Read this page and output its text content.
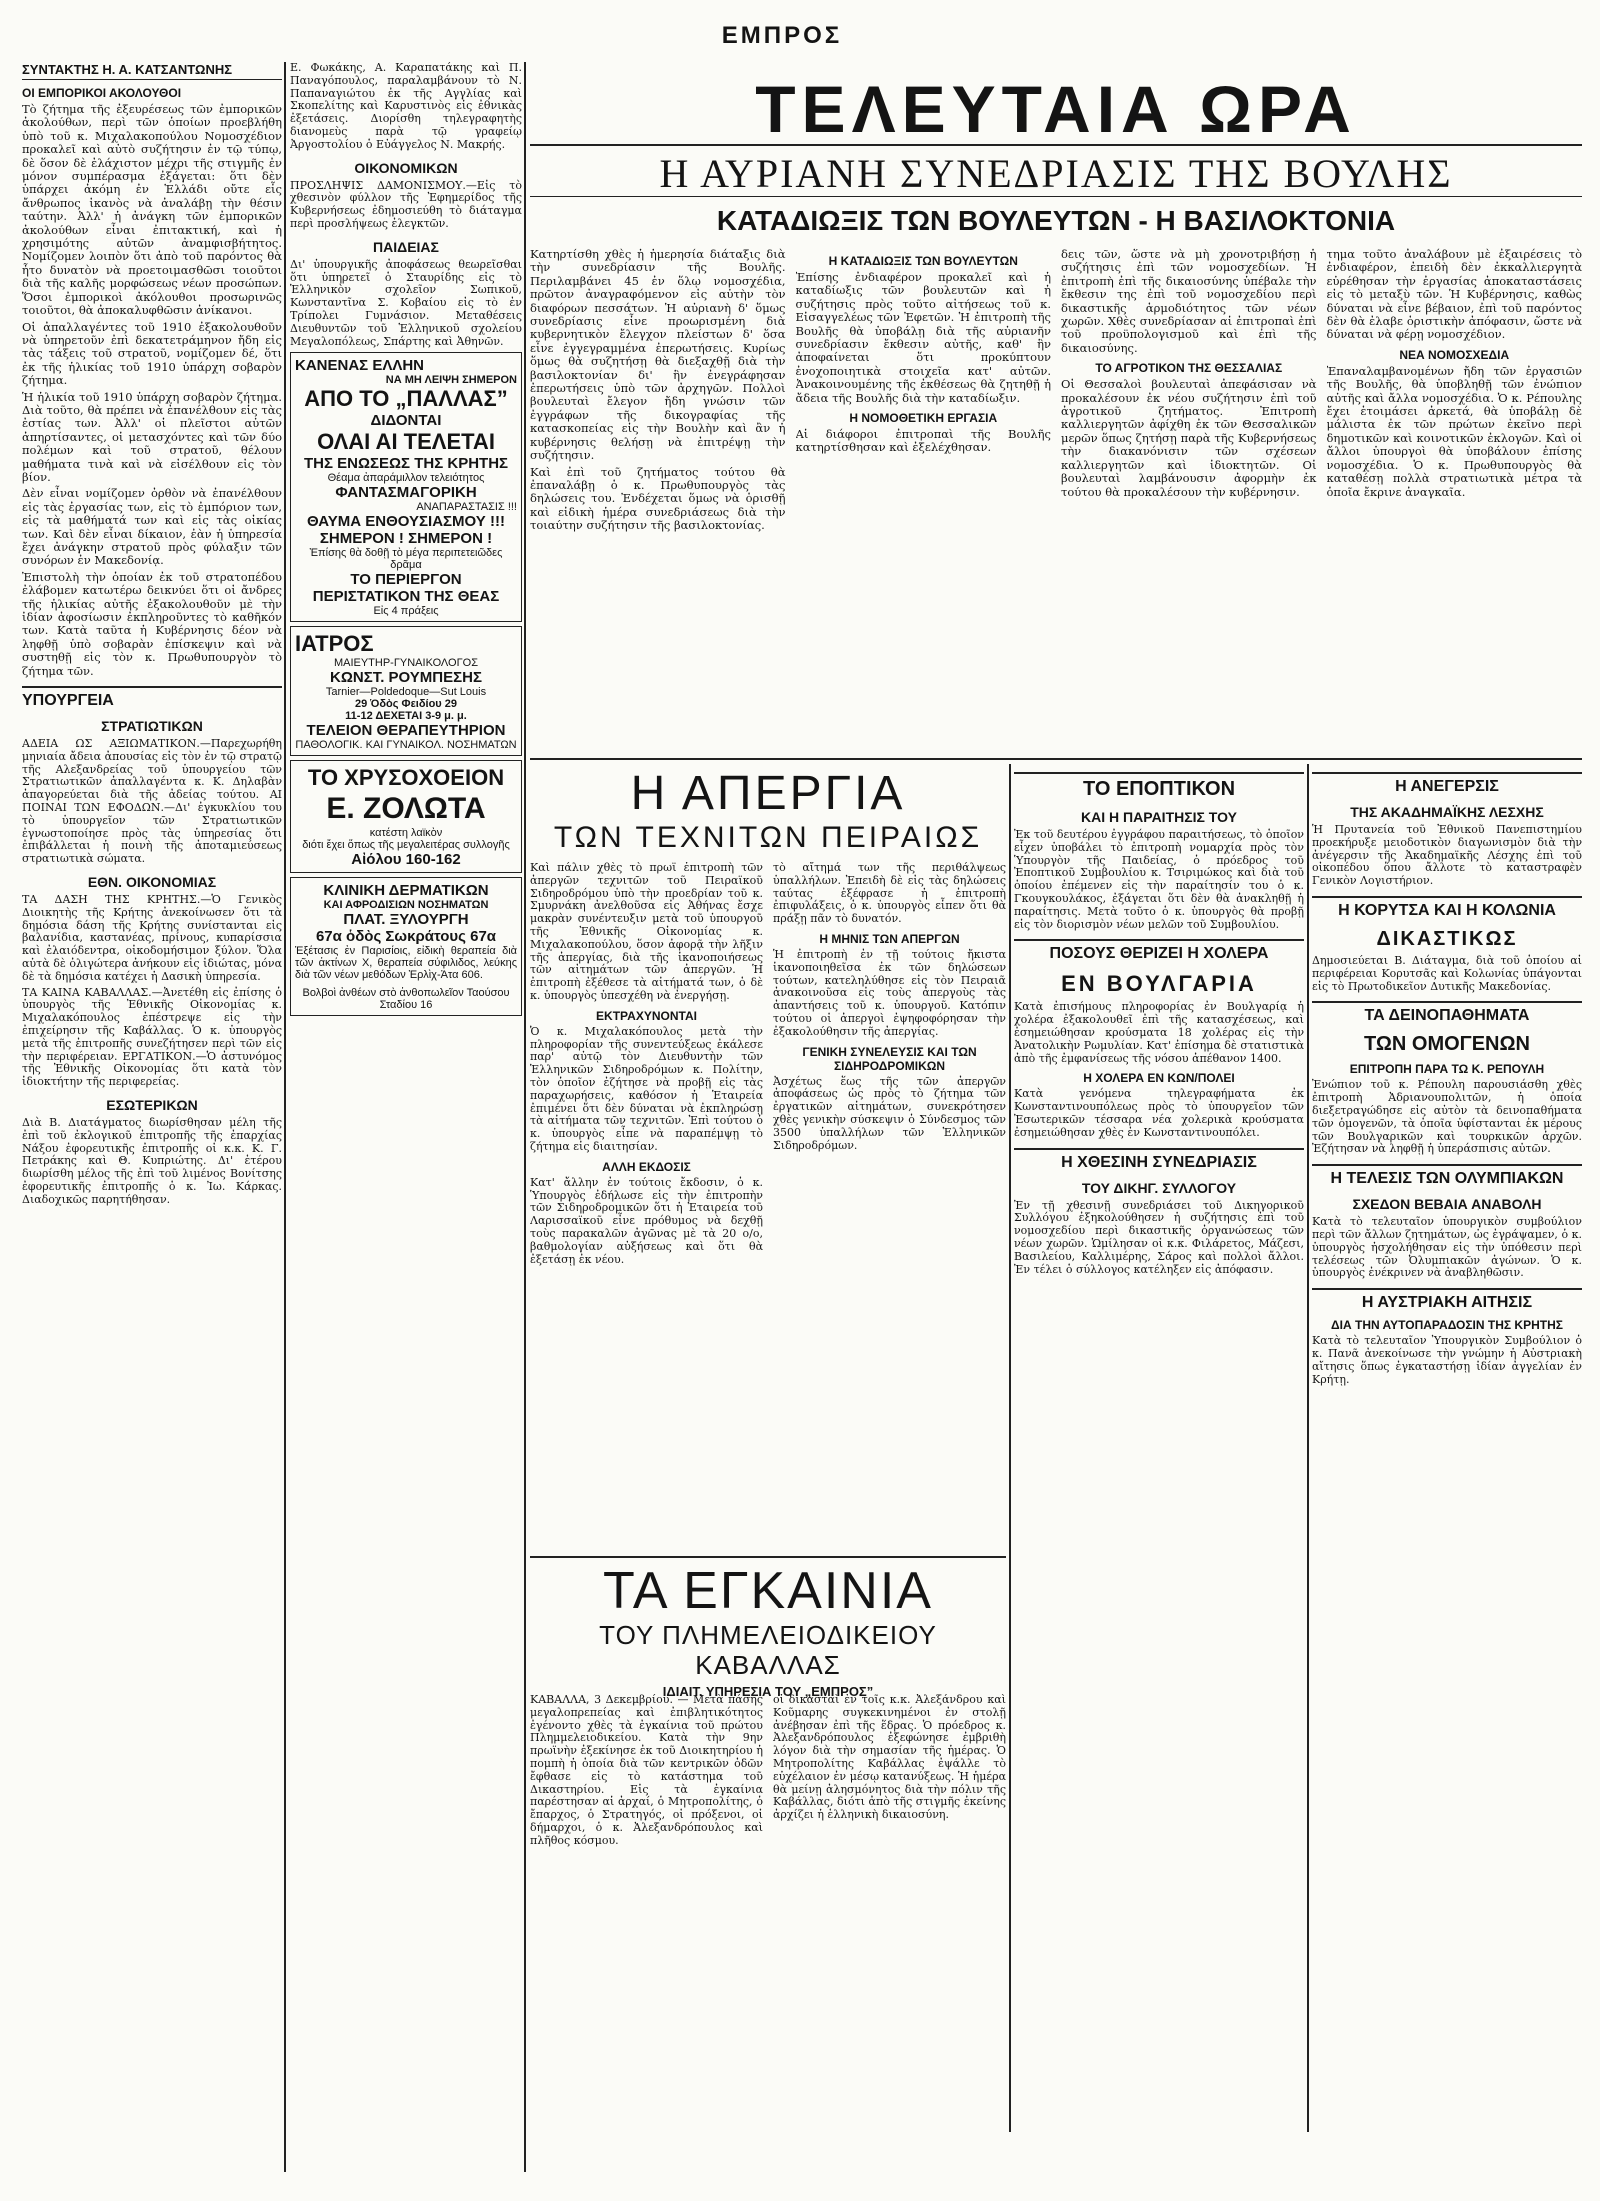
ΕΜΠΡΟΣ
ΣΥΝΤΑΚΤΗΣ Η. Α. ΚΑΤΣΑΝΤΩΝΗΣ
ΟΙ ΕΜΠΟΡΙΚΟΙ ΑΚΟΛΟΥΘΟΙ

Τὸ ζήτημα τῆς ἐξευρέσεως τῶν ἐμπορικῶν ἀκολούθων, περὶ τῶν ὁποίων προεβλήθη ὑπὸ τοῦ κ. Μιχαλακοπούλου Νομοσχέδιον προκαλεῖ καὶ αὐτὸ συζήτησιν ἐν τῷ τύπῳ, δὲ ὅσον δὲ ἐλάχιστον μέχρι τῆς στιγμῆς ἐν μόνον συμπέρασμα ἐξάγεται: ὅτι δὲν ὑπάρχει ἀκόμη ἐν Ἑλλάδι οὔτε εἷς ἄνθρωπος ἱκανὸς νὰ ἀναλάβῃ τὴν θέσιν ταύτην. Ἀλλ' ἡ ἀνάγκη τῶν ἐμπορικῶν ἀκολούθων εἶναι ἐπιτακτική, καὶ ἡ χρησιμότης αὐτῶν ἀναμφισβήτητος. Νομίζομεν λοιπὸν ὅτι ἀπὸ τοῦ παρόντος θὰ ἦτο δυνατὸν νὰ προετοιμασθῶσι τοιοῦτοι διὰ τῆς καλῆς μορφώσεως νέων προσώπων. Ὅσοι ἐμπορικοὶ ἀκόλουθοι προσωρινῶς τοιοῦτοι, θὰ ἀποκαλυφθῶσιν ἀνίκανοι.

Οἱ ἀπαλλαγέντες τοῦ 1910 ἐξακολουθοῦν νὰ ὑπηρετοῦν ἐπὶ δεκατετράμηνον ἤδη εἰς τὰς τάξεις τοῦ στρατοῦ, νομίζομεν δέ, ὅτι ἐκ τῆς ἡλικίας τοῦ 1910 ὑπάρχη σοβαρὸν ζήτημα.

Ἡ ἡλικία τοῦ 1910 ὑπάρχη σοβαρὸν ζήτημα. Διὰ τοῦτο, θὰ πρέπει νὰ ἐπανέλθουν εἰς τὰς ἐστίας των. Ἀλλ' οἱ πλεῖστοι αὐτῶν ἀπηρτίσαντες, οἱ μετασχόντες καὶ τῶν δύο πολέμων καὶ τοῦ στρατοῦ, θέλουν μαθήματα τινὰ καὶ νὰ εἰσέλθουν εἰς τὸν βίον.

Δὲν εἶναι νομίζομεν ὀρθὸν νὰ ἐπανέλθουν εἰς τὰς ἐργασίας των, εἰς τὸ ἐμπόριον των, εἰς τὰ μαθήματά των καὶ εἰς τὰς οἰκίας των. Καὶ δὲν εἶναι δίκαιον, ἐὰν ἡ ὑπηρεσία ἔχει ἀνάγκην στρατοῦ πρὸς φύλαξιν τῶν συνόρων ἐν Μακεδονίᾳ.

Ἐπιστολὴ τὴν ὁποίαν ἐκ τοῦ στρατοπέδου ἐλάβομεν κατωτέρω δεικνύει ὅτι οἱ ἄνδρες τῆς ἡλικίας αὐτῆς ἐξακολουθοῦν μὲ τὴν ἰδίαν ἀφοσίωσιν ἐκπληροῦντες τὸ καθῆκόν των. Κατὰ ταῦτα ἡ Κυβέρνησις δέον νὰ ληφθῇ ὑπὸ σοβαρὰν ἐπίσκεψιν καὶ νὰ συστηθῇ εἰς τὸν κ. Πρωθυπουργὸν τὸ ζήτημα τῶν.

ΥΠΟΥΡΓΕΙΑ
ΣΤΡΑΤΙΩΤΙΚΩΝ

ΑΔΕΙΑ ΩΣ ΑΞΙΩΜΑΤΙΚΟΝ.—Παρεχωρήθη μηνιαία ἄδεια ἀπουσίας εἰς τὸν ἐν τῷ στρατῷ τῆς Αλεξανδρείας τοῦ ὑπουργείου τῶν Στρατιωτικῶν ἀπαλλαγέντα κ. Κ. Δηλαβὰν ἀπαγορεύεται διὰ τῆς ἀδείας τούτου. ΑΙ ΠΟΙΝΑΙ ΤΩΝ ΕΦΟΔΩΝ.—Δι' ἐγκυκλίου του τὸ ὑπουργεῖον τῶν Στρατιωτικῶν ἐγνωστοποίησε πρὸς τὰς ὑπηρεσίας ὅτι ἐπιβάλλεται ἡ ποινὴ τῆς ἀποταμιεύσεως στρατιωτικὰ σώματα.

ΕΘΝ. ΟΙΚΟΝΟΜΙΑΣ

ΤΑ ΔΑΣΗ ΤΗΣ ΚΡΗΤΗΣ.—Ὁ Γενικὸς Διοικητὴς τῆς Κρήτης ἀνεκοίνωσεν ὅτι τὰ δημόσια δάση τῆς Κρήτης συνίστανται εἰς βαλανίδια, καστανέας, πρίνους, κυπαρίσσια καὶ ἐλαιόδεντρα, οἰκοδομήσιμον ξύλον. Ὅλα αὐτὰ δὲ ὀλιγώτερα ἀνήκουν εἰς ἰδιώτας, μόνα δὲ τὰ δημόσια κατέχει ἡ Δασικὴ ὑπηρεσία.

ΤΑ ΚΑΙΝΑ ΚΑΒΑΛΛΑΣ.—Ἀνετέθη εἰς ἐπίσης ὁ ὑπουργὸς τῆς Ἐθνικῆς Οἰκονομίας κ. Μιχαλακόπουλος ἐπέστρεψε εἰς τὴν ἐπιχείρησιν τῆς Καβάλλας. Ὁ κ. ὑπουργὸς μετὰ τῆς ἐπιτροπῆς συνεζήτησεν περὶ τῶν εἰς τὴν περιφέρειαν. ΕΡΓΑΤΙΚΟΝ.—Ὁ ἀστυνόμος τῆς Ἐθνικῆς Οἰκονομίας ὅτι κατὰ τὸν ἰδιοκτήτην τῆς περιφερείας.

ΕΣΩΤΕΡΙΚΩΝ

Διὰ Β. Διατάγματος διωρίσθησαν μέλη τῆς ἐπὶ τοῦ ἐκλογικοῦ ἐπιτροπῆς τῆς ἐπαρχίας Νάξου ἐφορευτικῆς ἐπιτροπῆς οἱ κ.κ. Κ. Γ. Πετράκης καὶ Θ. Κυπριώτης. Δι' ἑτέρου διωρίσθη μέλος τῆς ἐπὶ τοῦ λιμένος Βονίτσης ἐφορευτικῆς ἐπιτροπῆς ὁ κ. Ἰω. Κάρκας. Διαδοχικῶς παρητήθησαν.

Ε. Φωκάκης, Α. Καραπατάκης καὶ Π. Παναγόπουλος, παραλαμβάνουν τὸ Ν. Παπαναγιώτου ἐκ τῆς Αγγλίας καὶ Σκοπελίτης καὶ Καρυστινὸς εἰς ἐθνικὰς ἐξετάσεις. Διορίσθη τηλεγραφητὴς διανομεὺς παρὰ τῷ γραφείῳ Ἀργοστολίου ὁ Εὐάγγελος Ν. Μακρής.

ΟΙΚΟΝΟΜΙΚΩΝ

ΠΡΟΣΛΗΨΙΣ ΔΑΜΟΝΙΣΜΟΥ.—Εἰς τὸ χθεσινὸν φύλλον τῆς Ἐφημερίδος τῆς Κυβερνήσεως ἐδημοσιεύθη τὸ διάταγμα περὶ προσλήψεως ἐλεγκτῶν.

ΠΑΙΔΕΙΑΣ

Δι' ὑπουργικῆς ἀποφάσεως θεωρεῖσθαι ὅτι ὑπηρετεῖ ὁ Σταυρίδης εἰς τὸ Ἑλληνικὸν σχολεῖον Σωπικοῦ, Κωνσταντῖνα Σ. Κοβαίου εἰς τὸ ἐν Τρίπολει Γυμνάσιον. Μεταθέσεις Διευθυντῶν τοῦ Ἑλληνικοῦ σχολείου Μεγαλοπόλεως, Σπάρτης καὶ Ἀθηνῶν.

ΚΑΝΕΝΑΣ ΕΛΛΗΝ
ΝΑ ΜΗ ΛΕΙΨΗ ΣΗΜΕΡΟΝ
ΑΠΟ ΤΟ „ΠΑΛΛΑΣ”
ΔΙΔΟΝΤΑΙ
ΟΛΑΙ ΑΙ ΤΕΛΕΤΑΙ
ΤΗΣ ΕΝΩΣΕΩΣ ΤΗΣ ΚΡΗΤΗΣ
Θέαμα ἀπαράμιλλον τελειότητος
ΦΑΝΤΑΣΜΑΓΟΡΙΚΗ
ΑΝΑΠΑΡΑΣΤΑΣΙΣ !!!
ΘΑΥΜΑ ΕΝΘΟΥΣΙΑΣΜΟΥ !!!
ΣΗΜΕΡΟΝ ! ΣΗΜΕΡΟΝ !
Ἐπίσης θὰ δοθῇ τὸ μέγα περιπετειῶδες δρᾶμα
ΤΟ ΠΕΡΙΕΡΓΟΝ ΠΕΡΙΣΤΑΤΙΚΟΝ ΤΗΣ ΘΕΑΣ
Εἰς 4 πράξεις
ΙΑΤΡΟΣ
ΜΑΙΕΥΤΗΡ-ΓΥΝΑΙΚΟΛΟΓΟΣ
ΚΩΝΣΤ. ΡΟΥΜΠΕΣΗΣ
Tarnier—Poldedoque—Sut Louis
29 Ὁδὸς Φειδίου 29
11-12 ΔΕΧΕΤΑΙ 3-9 μ. μ.
ΤΕΛΕΙΟΝ ΘΕΡΑΠΕΥΤΗΡΙΟΝ
ΠΑΘΟΛΟΓΙΚ. ΚΑΙ ΓΥΝΑΙΚΟΛ. ΝΟΣΗΜΑΤΩΝ
ΤΟ ΧΡΥΣΟΧΟΕΙΟΝ
Ε. ΖΟΛΩΤΑ
κατέστη λαϊκὸν
διότι ἔχει ὅπως τῆς μεγαλειτέρας συλλογῆς
Αἰόλου 160-162
ΚΛΙΝΙΚΗ ΔΕΡΜΑΤΙΚΩΝ
ΚΑΙ ΑΦΡΟΔΙΣΙΩΝ ΝΟΣΗΜΑΤΩΝ
ΠΛΑΤ. ΞΥΛΟΥΡΓΗ
67α ὁδὸς Σωκράτους 67α
Ἐξέτασις ἐν Παρισίοις, εἰδικὴ θεραπεία διὰ τῶν ἀκτίνων Χ, θεραπεία σύφιλιδος, λεύκης διὰ τῶν νέων μεθόδων Ἐρλὶχ-Ἁτα 606.
Βολβοὶ ἀνθέων στὸ ἀνθοπωλεῖον Ταούσου Σταδίου 16
ΤΕΛΕΥΤΑΙΑ ΩΡΑ
Η ΑΥΡΙΑΝΗ ΣΥΝΕΔΡΙΑΣΙΣ ΤΗΣ ΒΟΥΛΗΣ
ΚΑΤΑΔΙΩΞΙΣ ΤΩΝ ΒΟΥΛΕΥΤΩΝ - Η ΒΑΣΙΛΟΚΤΟΝΙΑ

Κατηρτίσθη χθὲς ἡ ἡμερησία διάταξις διὰ τὴν συνεδρίασιν τῆς Βουλῆς. Περιλαμβάνει 45 ἐν ὅλῳ νομοσχέδια, πρῶτον ἀναγραφόμενον εἰς αὐτὴν τὸν διαφόρων πεσσάτων. Ἡ αὐριανὴ δ' ὅμως συνεδρίασις εἶνε προωρισμένη διὰ κυβερνητικὸν ἔλεγχον πλείστων δ' ὅσα εἶνε ἐγγεγραμμένα ἐπερωτήσεις. Κυρίως ὅμως θὰ συζητήσῃ θὰ διεξαχθῇ διὰ τὴν βασιλοκτονίαν δι' ἣν ἐνεγράφησαν ἐπερωτήσεις ὑπὸ τῶν ἀρχηγῶν. Πολλοὶ βουλευταὶ ἔλεγον ἤδη γνώσιν τῶν ἐγγράφων τῆς δικογραφίας τῆς κατασκοπείας εἰς τὴν Βουλὴν καὶ ἂν ἡ κυβέρνησις θελήσῃ νὰ ἐπιτρέψῃ τὴν συζήτησιν.

Καὶ ἐπὶ τοῦ ζητήματος τούτου θὰ ἐπαναλάβῃ ὁ κ. Πρωθυπουργὸς τὰς δηλώσεις του. Ἐνδέχεται ὅμως νὰ ὁρισθῇ καὶ εἰδικὴ ἡμέρα συνεδριάσεως διὰ τὴν τοιαύτην συζήτησιν τῆς βασιλοκτονίας.

Η ΚΑΤΑΔΙΩΞΙΣ ΤΩΝ ΒΟΥΛΕΥΤΩΝ

Ἐπίσης ἐνδιαφέρον προκαλεῖ καὶ ἡ καταδίωξις τῶν βουλευτῶν καὶ ἡ συζήτησις πρὸς τοῦτο αἰτήσεως τοῦ κ. Εἰσαγγελέως τῶν Ἐφετῶν. Ἡ ἐπιτροπὴ τῆς Βουλῆς θὰ ὑποβάλῃ διὰ τῆς αὐριανῆν συνεδρίασιν ἔκθεσιν αὐτῆς, καθ' ἣν ἀποφαίνεται ὅτι προκύπτουν ἐνοχοποιητικὰ στοιχεῖα κατ' αὐτῶν. Ἀνακοινουμένης τῆς ἐκθέσεως θὰ ζητηθῇ ἡ ἄδεια τῆς Βουλῆς διὰ τὴν καταδίωξιν.

Η ΝΟΜΟΘΕΤΙΚΗ ΕΡΓΑΣΙΑ

Αἱ διάφοροι ἐπιτροπαὶ τῆς Βουλῆς κατηρτίσθησαν καὶ ἐξελέχθησαν.

δεις τῶν, ὥστε νὰ μὴ χρονοτριβήσῃ ἡ συζήτησις ἐπὶ τῶν νομοσχεδίων. Ἡ ἐπιτροπὴ ἐπὶ τῆς δικαιοσύνης ὑπέβαλε τὴν ἔκθεσιν της ἐπὶ τοῦ νομοσχεδίου περὶ δικαστικῆς ἁρμοδιότητος τῶν νέων χωρῶν. Χθὲς συνεδρίασαν αἱ ἐπιτροπαὶ ἐπὶ τοῦ προϋπολογισμοῦ καὶ ἐπὶ τῆς δικαιοσύνης.

ΤΟ ΑΓΡΟΤΙΚΟΝ ΤΗΣ ΘΕΣΣΑΛΙΑΣ

Οἱ Θεσσαλοὶ βουλευταὶ ἀπεφάσισαν νὰ προκαλέσουν ἐκ νέου συζήτησιν ἐπὶ τοῦ ἀγροτικοῦ ζητήματος. Ἐπιτροπὴ καλλιεργητῶν ἀφίχθη ἐκ τῶν Θεσσαλικῶν μερῶν ὅπως ζητήσῃ παρὰ τῆς Κυβερνήσεως τὴν διακανόνισιν τῶν σχέσεων καλλιεργητῶν καὶ ἰδιοκτητῶν. Οἱ βουλευταὶ λαμβάνουσιν ἀφορμὴν ἐκ τούτου θὰ προκαλέσουν τὴν κυβέρνησιν.

τημα τοῦτο ἀναλάβουν μὲ ἐξαιρέσεις τὸ ἐνδιαφέρον, ἐπειδὴ δὲν ἐκκαλλιεργητὰ εὐρέθησαν τὴν ἐργασίας ἀποκαταστάσεις εἰς τὸ μεταξὺ τῶν. Ἡ Κυβέρνησις, καθὼς δύναται νὰ εἶνε βέβαιον, ἐπὶ τοῦ παρόντος δὲν θὰ ἐλαβε ὁριστικὴν ἀπόφασιν, ὥστε νὰ δύναται νὰ φέρῃ νομοσχέδιον.

ΝΕΑ ΝΟΜΟΣΧΕΔΙΑ

Ἐπαναλαμβανομένων ἤδη τῶν ἐργασιῶν τῆς Βουλῆς, θὰ ὑποβληθῇ τῶν ἐνώπιον αὐτῆς καὶ ἄλλα νομοσχέδια. Ὁ κ. Ρέπουλης ἔχει ἑτοιμάσει ἀρκετά, θὰ ὑποβάλῃ δὲ μάλιστα ἐκ τῶν πρώτων ἐκεῖνο περὶ δημοτικῶν καὶ κοινοτικῶν ἐκλογῶν. Καὶ οἱ ἄλλοι ὑπουργοὶ θὰ ὑποβάλουν ἐπίσης νομοσχέδια. Ὁ κ. Πρωθυπουργὸς θὰ καταθέσῃ πολλὰ στρατιωτικὰ μέτρα τὰ ὁποῖα ἔκρινε ἀναγκαῖα.

Η ΑΠΕΡΓΙΑ
ΤΩΝ ΤΕΧΝΙΤΩΝ ΠΕΙΡΑΙΩΣ

Καὶ πάλιν χθὲς τὸ πρωῒ ἐπιτροπὴ τῶν ἀπεργῶν τεχνιτῶν τοῦ Πειραϊκοῦ Σιδηροδρόμου ὑπὸ τὴν προεδρίαν τοῦ κ. Σμυρνάκη ἀνελθοῦσα εἰς Ἀθήνας ἔσχε μακρὰν συνέντευξιν μετὰ τοῦ ὑπουργοῦ τῆς Ἐθνικῆς Οἰκονομίας κ. Μιχαλακοπούλου, ὅσον ἀφορᾷ τὴν λῆξιν τῆς ἀπεργίας, διὰ τῆς ἱκανοποιήσεως τῶν αἰτημάτων τῶν ἀπεργῶν. Ἡ ἐπιτροπὴ ἐξέθεσε τὰ αἰτήματά των, ὁ δὲ κ. ὑπουργὸς ὑπεσχέθη νὰ ἐνεργήσῃ.

ΕΚΤΡΑΧΥΝΟΝΤΑΙ

Ὁ κ. Μιχαλακόπουλος μετὰ τὴν πληροφορίαν τῆς συνεντεύξεως ἐκάλεσε παρ' αὐτῷ τὸν Διευθυντὴν τῶν Ἑλληνικῶν Σιδηροδρόμων κ. Πολίτην, τὸν ὁποῖον ἐζήτησε νὰ προβῇ εἰς τὰς παραχωρήσεις, καθόσον ἡ Ἑταιρεία ἐπιμένει ὅτι δὲν δύναται νὰ ἐκπληρώσῃ τὰ αἰτήματα τῶν τεχνιτῶν. Ἐπὶ τούτου ὁ κ. ὑπουργὸς εἶπε νὰ παραπέμψῃ τὸ ζήτημα εἰς διαιτησίαν.

ΑΛΛΗ ΕΚΔΟΣΙΣ

Κατ' ἄλλην ἐν τούτοις ἔκδοσιν, ὁ κ. Ὑπουργὸς ἐδήλωσε εἰς τὴν ἐπιτροπὴν τῶν Σιδηροδρομικῶν ὅτι ἡ Ἑταιρεία τοῦ Λαρισσαϊκοῦ εἶνε πρόθυμος νὰ δεχθῇ τοὺς παρακαλῶν ἀγῶνας μὲ τὰ 20 ο/ο, βαθμολογίαν αὐξήσεως καὶ ὅτι θὰ ἐξετάσῃ ἐκ νέου.

τὸ αἴτημά των τῆς περιθάλψεως ὑπαλλήλων. Ἐπειδὴ δὲ εἰς τὰς δηλώσεις ταύτας ἐξέφρασε ἡ ἐπιτροπὴ ἐπιφυλάξεις, ὁ κ. ὑπουργὸς εἶπεν ὅτι θὰ πράξῃ πᾶν τὸ δυνατόν.

Η ΜΗΝΙΣ ΤΩΝ ΑΠΕΡΓΩΝ

Ἡ ἐπιτροπὴ ἐν τῇ τούτοις ἤκιστα ἱκανοποιηθεῖσα ἐκ τῶν δηλώσεων τούτων, κατεληλύθησε εἰς τὸν Πειραιᾶ ἀνακοινοῦσα εἰς τοὺς ἀπεργοὺς τὰς ἀπαντήσεις τοῦ κ. ὑπουργοῦ. Κατόπιν τούτου οἱ ἀπεργοὶ ἐψηφοφόρησαν τὴν ἐξακολούθησιν τῆς ἀπεργίας.

ΓΕΝΙΚΗ ΣΥΝΕΛΕΥΣΙΣ ΚΑΙ ΤΩΝ ΣΙΔΗΡΟΔΡΟΜΙΚΩΝ

Ἀσχέτως ἕως τῆς τῶν ἀπεργῶν ἀποφάσεως ὡς πρὸς τὸ ζήτημα τῶν ἐργατικῶν αἰτημάτων, συνεκρότησεν χθὲς γενικὴν σύσκεψιν ὁ Σύνδεσμος τῶν 3500 ὑπαλλήλων τῶν Ἑλληνικῶν Σιδηροδρόμων.

ΤΑ ΕΓΚΑΙΝΙΑ
ΤΟΥ ΠΛΗΜΕΛΕΙΟΔΙΚΕΙΟΥ ΚΑΒΑΛΛΑΣ
ΙΔΙΑΙΤ. ΥΠΗΡΕΣΙΑ ΤΟΥ „ΕΜΠΡΟΣ”

ΚΑΒΑΛΛΑ, 3 Δεκεμβρίου. — Μετὰ πάσης μεγαλοπρεπείας καὶ ἐπιβλητικότητος ἐγένοντο χθὲς τὰ ἐγκαίνια τοῦ πρώτου Πλημμελειοδικείου. Κατὰ τὴν 9ην πρωϊνὴν ἐξεκίνησε ἐκ τοῦ Διοικητηρίου ἡ πομπὴ ἡ ὁποία διὰ τῶν κεντρικῶν ὁδῶν ἔφθασε εἰς τὸ κατάστημα τοῦ Δικαστηρίου. Εἰς τὰ ἐγκαίνια παρέστησαν αἱ ἀρχαί, ὁ Μητροπολίτης, ὁ ἔπαρχος, ὁ Στρατηγός, οἱ πρόξενοι, οἱ δήμαρχοι, ὁ κ. Ἀλεξανδρόπουλος καὶ πλῆθος κόσμου.

οἱ δικασταὶ ἐν τοῖς κ.κ. Ἀλεξάνδρου καὶ Κοῦμαρης συγκεκινημένοι ἐν στολῇ ἀνέβησαν ἐπὶ τῆς ἕδρας. Ὁ πρόεδρος κ. Ἀλεξανδρόπουλος ἐξεφώνησε ἐμβριθὴ λόγον διὰ τὴν σημασίαν τῆς ἡμέρας. Ὁ Μητροπολίτης Καβάλλας ἐψάλλε τὸ εὐχέλαιον ἐν μέσῳ κατανύξεως. Ἡ ἡμέρα θὰ μείνῃ ἀλησμόνητος διὰ τὴν πόλιν τῆς Καβάλλας, διότι ἀπὸ τῆς στιγμῆς ἐκείνης ἀρχίζει ἡ ἑλληνικὴ δικαιοσύνη.

ΤΟ ΕΠΟΠΤΙΚΟΝ
ΚΑΙ Η ΠΑΡΑΙΤΗΣΙΣ ΤΟΥ

Ἐκ τοῦ δευτέρου ἐγγράφου παραιτήσεως, τὸ ὁποῖον εἶχεν ὑποβάλει τὸ ἐπιτροπὴ νομαρχία πρὸς τὸν Ὑπουργὸν τῆς Παιδείας, ὁ πρόεδρος τοῦ Ἐποπτικοῦ Συμβουλίου κ. Τσιριμώκος καὶ διὰ τοῦ ὁποίου ἐπέμενεν εἰς τὴν παραίτησίν του ὁ κ. Γκουγκουλάκος, ἐξάγεται ὅτι δὲν θὰ ἀνακληθῇ ἡ παραίτησις. Μετὰ τοῦτο ὁ κ. ὑπουργὸς θὰ προβῇ εἰς τὸν διορισμὸν νέων μελῶν τοῦ Συμβουλίου.

ΠΟΣΟΥΣ ΘΕΡΙΖΕΙ Η ΧΟΛΕΡΑ
ΕΝ ΒΟΥΛΓΑΡΙΑ

Κατὰ ἐπισήμους πληροφορίας ἐν Βουλγαρίᾳ ἡ χολέρα ἐξακολουθεῖ ἐπὶ τῆς κατασχέσεως, καὶ ἐσημειώθησαν κρούσματα 18 χολέρας εἰς τὴν Ἀνατολικὴν Ρωμυλίαν. Κατ' ἐπίσημα δὲ στατιστικὰ ἀπὸ τῆς ἐμφανίσεως τῆς νόσου ἀπέθανον 1400.

Η ΧΟΛΕΡΑ ΕΝ ΚΩΝ/ΠΟΛΕΙ

Κατὰ γενόμενα τηλεγραφήματα ἐκ Κωνσταντινουπόλεως πρὸς τὸ ὑπουργεῖον τῶν Ἐσωτερικῶν τέσσαρα νέα χολερικὰ κρούσματα ἐσημειώθησαν χθὲς ἐν Κωνσταντινουπόλει.

Η ΧΘΕΣΙΝΗ ΣΥΝΕΔΡΙΑΣΙΣ
ΤΟΥ ΔΙΚΗΓ. ΣΥΛΛΟΓΟΥ

Ἐν τῇ χθεσινῇ συνεδριάσει τοῦ Δικηγορικοῦ Συλλόγου ἐξηκολούθησεν ἡ συζήτησις ἐπὶ τοῦ νομοσχεδίου περὶ δικαστικῆς ὀργανώσεως τῶν νέων χωρῶν. Ὡμίλησαν οἱ κ.κ. Φιλάρετος, Μάζεσι, Βασιλείου, Καλλιμέρης, Σάρος καὶ πολλοὶ ἄλλοι. Ἐν τέλει ὁ σύλλογος κατέληξεν εἰς ἀπόφασιν.

Η ΑΝΕΓΕΡΣΙΣ
ΤΗΣ ΑΚΑΔΗΜΑΪΚΗΣ ΛΕΣΧΗΣ

Ἡ Πρυτανεία τοῦ Ἐθνικοῦ Πανεπιστημίου προεκήρυξε μειοδοτικὸν διαγωνισμὸν διὰ τὴν ἀνέγερσιν τῆς Ἀκαδημαϊκῆς Λέσχης ἐπὶ τοῦ οἰκοπέδου ὅπου ἄλλοτε τὸ καταστραφὲν Γενικὸν Λογιστήριον.

Η ΚΟΡΥΤΣΑ ΚΑΙ Η ΚΟΛΩΝΙΑ
ΔΙΚΑΣΤΙΚΩΣ

Δημοσιεύεται Β. Διάταγμα, διὰ τοῦ ὁποίου αἱ περιφέρειαι Κορυτσᾶς καὶ Κολωνίας ὑπάγονται εἰς τὸ Πρωτοδικεῖον Δυτικῆς Μακεδονίας.

ΤΑ ΔΕΙΝΟΠΑΘΗΜΑΤΑ
ΤΩΝ ΟΜΟΓΕΝΩΝ
ΕΠΙΤΡΟΠΗ ΠΑΡΑ ΤΩ Κ. ΡΕΠΟΥΛΗ

Ἐνώπιον τοῦ κ. Ρέπουλη παρουσιάσθη χθὲς ἐπιτροπὴ Ἀδριανουπολιτῶν, ἡ ὁποία διεξετραγώδησε εἰς αὐτὸν τὰ δεινοπαθήματα τῶν ὁμογενῶν, τὰ ὁποῖα ὑφίστανται ἐκ μέρους τῶν Βουλγαρικῶν καὶ τουρκικῶν ἀρχῶν. Ἐζήτησαν νὰ ληφθῇ ἡ ὑπεράσπισις αὐτῶν.

Η ΤΕΛΕΣΙΣ ΤΩΝ ΟΛΥΜΠΙΑΚΩΝ
ΣΧΕΔΟΝ ΒΕΒΑΙΑ ΑΝΑΒΟΛΗ

Κατὰ τὸ τελευταῖον ὑπουργικὸν συμβούλιον περὶ τῶν ἄλλων ζητημάτων, ὡς ἐγράψαμεν, ὁ κ. ὑπουργὸς ἠσχολήθησαν εἰς τὴν ὑπόθεσιν περὶ τελέσεως τῶν Ὀλυμπιακῶν ἀγώνων. Ὁ κ. ὑπουργὸς ἐνέκρινεν νὰ ἀναβληθῶσιν.

Η ΑΥΣΤΡΙΑΚΗ ΑΙΤΗΣΙΣ
ΔΙΑ ΤΗΝ ΑΥΤΟΠΑΡΑΔΟΣΙΝ ΤΗΣ ΚΡΗΤΗΣ

Κατὰ τὸ τελευταῖον Ὑπουργικὸν Συμβούλιον ὁ κ. Πανᾶ ἀνεκοίνωσε τὴν γνώμην ἡ Αὐστριακὴ αἴτησις ὅπως ἐγκαταστήσῃ ἰδίαν ἀγγελίαν ἐν Κρήτῃ.
